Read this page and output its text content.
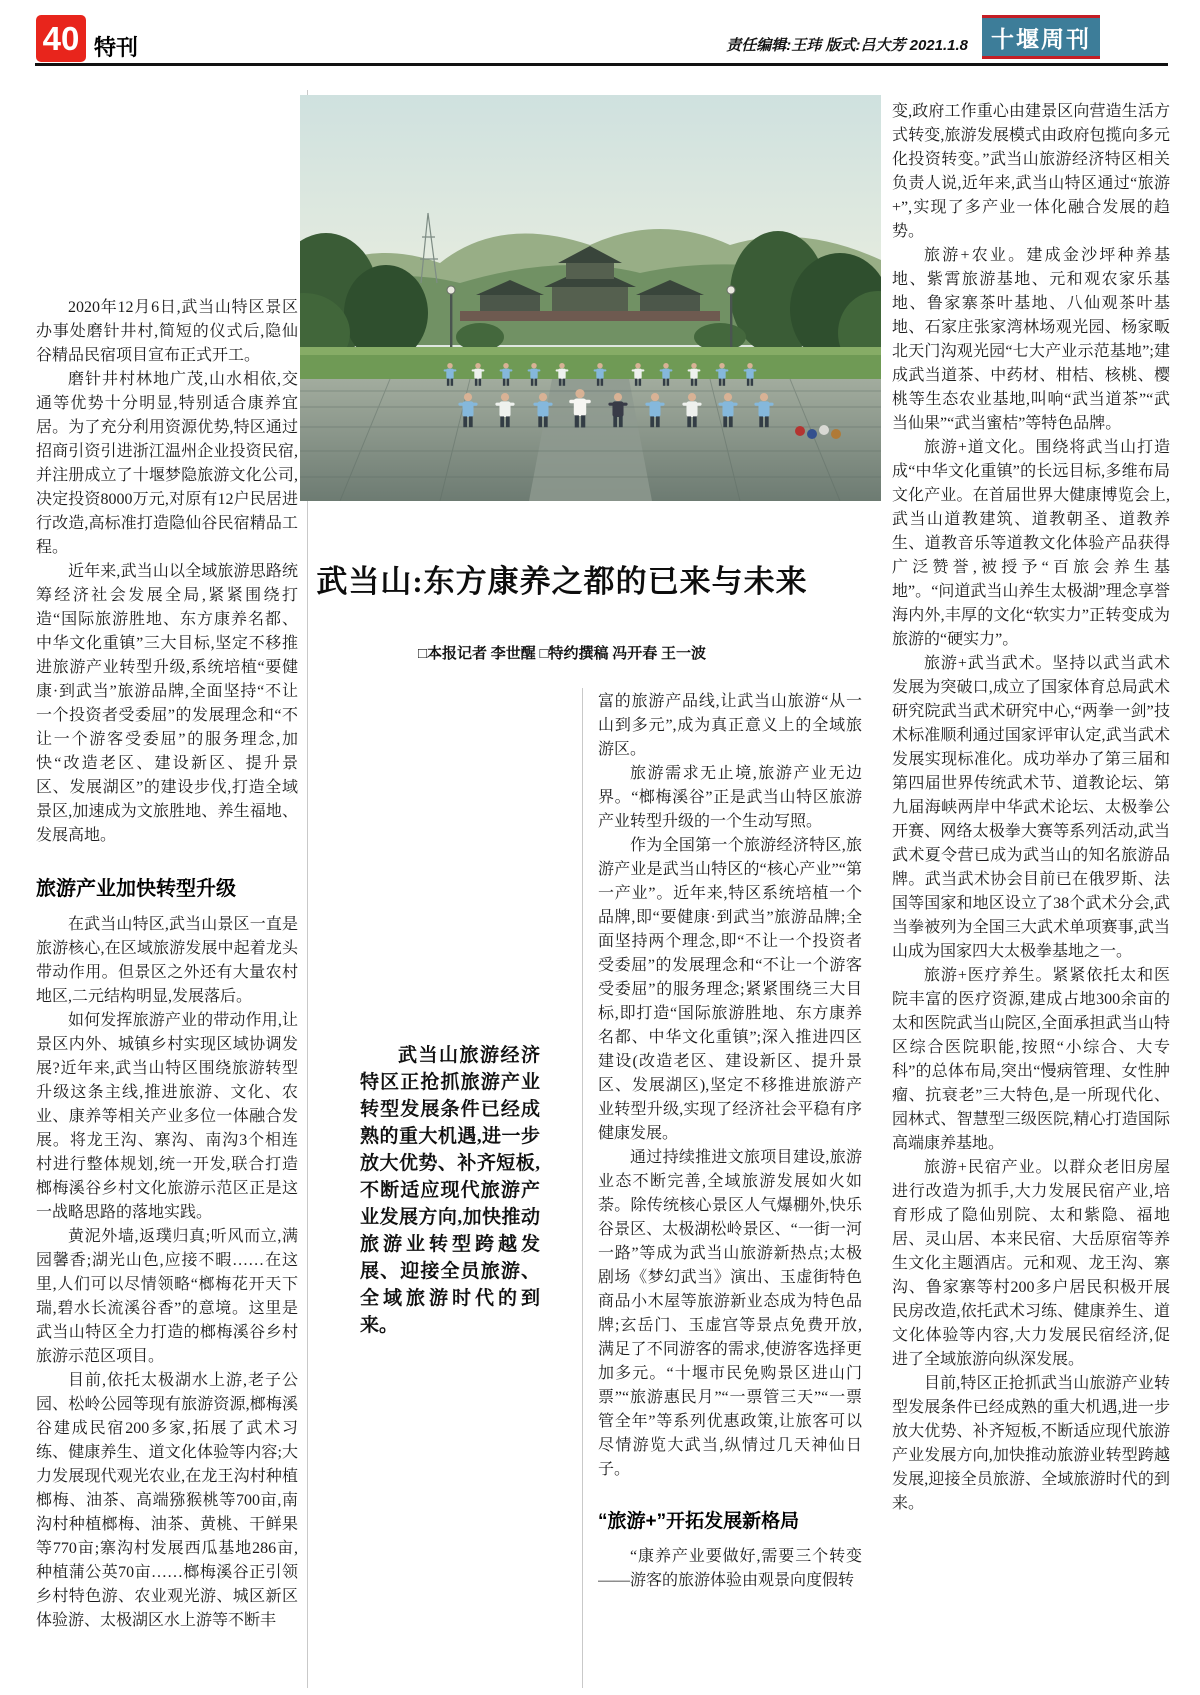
40 特刊	责任编辑:王玮 版式:吕大芳 2021.1.8 十堰周刊

2020年12月6日,武当山特区景区办事处磨针井村,简短的仪式后,隐仙谷精品民宿项目宣布正式开工。

磨针井村林地广茂,山水相依,交通等优势十分明显,特别适合康养宜居。为了充分利用资源优势,特区通过招商引资引进浙江温州企业投资民宿,并注册成立了十堰梦隐旅游文化公司,决定投资8000万元,对原有12户民居进行改造,高标准打造隐仙谷民宿精品工程。

近年来,武当山以全域旅游思路统筹经济社会发展全局,紧紧围绕打造“国际旅游胜地、东方康养名都、中华文化重镇”三大目标,坚定不移推进旅游产业转型升级,系统培植“要健康·到武当”旅游品牌,全面坚持“不让一个投资者受委屈”的发展理念和“不让一个游客受委屈”的服务理念,加快“改造老区、建设新区、提升景区、发展湖区”的建设步伐,打造全域景区,加速成为文旅胜地、养生福地、发展高地。

旅游产业加快转型升级

在武当山特区,武当山景区一直是旅游核心,在区域旅游发展中起着龙头带动作用。但景区之外还有大量农村地区,二元结构明显,发展落后。

如何发挥旅游产业的带动作用,让景区内外、城镇乡村实现区域协调发展?近年来,武当山特区围绕旅游转型升级这条主线,推进旅游、文化、农业、康养等相关产业多位一体融合发展。将龙王沟、寨沟、南沟3个相连村进行整体规划,统一开发,联合打造榔梅溪谷乡村文化旅游示范区正是这一战略思路的落地实践。

黄泥外墙,返璞归真;听风而立,满园馨香;湖光山色,应接不暇……在这里,人们可以尽情领略“榔梅花开天下瑞,碧水长流溪谷香”的意境。这里是武当山特区全力打造的榔梅溪谷乡村旅游示范区项目。

目前,依托太极湖水上游,老子公园、松岭公园等现有旅游资源,榔梅溪谷建成民宿200多家,拓展了武术习练、健康养生、道文化体验等内容;大力发展现代观光农业,在龙王沟村种植榔梅、油茶、高端猕猴桃等700亩,南沟村种植榔梅、油茶、黄桃、干鲜果等770亩;寨沟村发展西瓜基地286亩,种植蒲公英70亩……榔梅溪谷正引领乡村特色游、农业观光游、城区新区体验游、太极湖区水上游等不断丰

武当山:东方康养之都的已来与未来
□本报记者 李世醒 □特约撰稿 冯开春 王一波
武当山旅游经济特区正抢抓旅游产业转型发展条件已经成熟的重大机遇,进一步放大优势、补齐短板,不断适应现代旅游产业发展方向,加快推动旅游业转型跨越发展、迎接全员旅游、全域旅游时代的到来。

富的旅游产品线,让武当山旅游“从一山到多元”,成为真正意义上的全域旅游区。

旅游需求无止境,旅游产业无边界。“榔梅溪谷”正是武当山特区旅游产业转型升级的一个生动写照。

作为全国第一个旅游经济特区,旅游产业是武当山特区的“核心产业”“第一产业”。近年来,特区系统培植一个品牌,即“要健康·到武当”旅游品牌;全面坚持两个理念,即“不让一个投资者受委屈”的发展理念和“不让一个游客受委屈”的服务理念;紧紧围绕三大目标,即打造“国际旅游胜地、东方康养名都、中华文化重镇”;深入推进四区建设(改造老区、建设新区、提升景区、发展湖区),坚定不移推进旅游产业转型升级,实现了经济社会平稳有序健康发展。

通过持续推进文旅项目建设,旅游业态不断完善,全域旅游发展如火如荼。除传统核心景区人气爆棚外,快乐谷景区、太极湖松岭景区、“一街一河一路”等成为武当山旅游新热点;太极剧场《梦幻武当》演出、玉虚街特色商品小木屋等旅游新业态成为特色品牌;玄岳门、玉虚宫等景点免费开放,满足了不同游客的需求,使游客选择更加多元。“十堰市民免购景区进山门票”“旅游惠民月”“一票管三天”“一票管全年”等系列优惠政策,让旅客可以尽情游览大武当,纵情过几天神仙日子。

“旅游+”开拓发展新格局

“康养产业要做好,需要三个转变——游客的旅游体验由观景向度假转

变,政府工作重心由建景区向营造生活方式转变,旅游发展模式由政府包揽向多元化投资转变。”武当山旅游经济特区相关负责人说,近年来,武当山特区通过“旅游+”,实现了多产业一体化融合发展的趋势。

旅游+农业。建成金沙坪种养基地、紫霄旅游基地、元和观农家乐基地、鲁家寨茶叶基地、八仙观茶叶基地、石家庄张家湾林场观光园、杨家畈北天门沟观光园“七大产业示范基地”;建成武当道茶、中药材、柑桔、核桃、樱桃等生态农业基地,叫响“武当道茶”“武当仙果”“武当蜜桔”等特色品牌。

旅游+道文化。围绕将武当山打造成“中华文化重镇”的长远目标,多维布局文化产业。在首届世界大健康博览会上,武当山道教建筑、道教朝圣、道教养生、道教音乐等道教文化体验产品获得广泛赞誉,被授予“百旅会养生基地”。“问道武当山养生太极湖”理念享誉海内外,丰厚的文化“软实力”正转变成为旅游的“硬实力”。

旅游+武当武术。坚持以武当武术发展为突破口,成立了国家体育总局武术研究院武当武术研究中心,“两拳一剑”技术标准顺利通过国家评审认定,武当武术发展实现标准化。成功举办了第三届和第四届世界传统武术节、道教论坛、第九届海峡两岸中华武术论坛、太极拳公开赛、网络太极拳大赛等系列活动,武当武术夏令营已成为武当山的知名旅游品牌。武当武术协会目前已在俄罗斯、法国等国家和地区设立了38个武术分会,武当拳被列为全国三大武术单项赛事,武当山成为国家四大太极拳基地之一。

旅游+医疗养生。紧紧依托太和医院丰富的医疗资源,建成占地300余亩的太和医院武当山院区,全面承担武当山特区综合医院职能,按照“小综合、大专科”的总体布局,突出“慢病管理、女性肿瘤、抗衰老”三大特色,是一所现代化、园林式、智慧型三级医院,精心打造国际高端康养基地。

旅游+民宿产业。以群众老旧房屋进行改造为抓手,大力发展民宿产业,培育形成了隐仙别院、太和紫隐、福地居、灵山居、本来民宿、大岳原宿等养生文化主题酒店。元和观、龙王沟、寨沟、鲁家寨等村200多户居民积极开展民房改造,依托武术习练、健康养生、道文化体验等内容,大力发展民宿经济,促进了全域旅游向纵深发展。

目前,特区正抢抓武当山旅游产业转型发展条件已经成熟的重大机遇,进一步放大优势、补齐短板,不断适应现代旅游产业发展方向,加快推动旅游业转型跨越发展,迎接全员旅游、全域旅游时代的到来。
